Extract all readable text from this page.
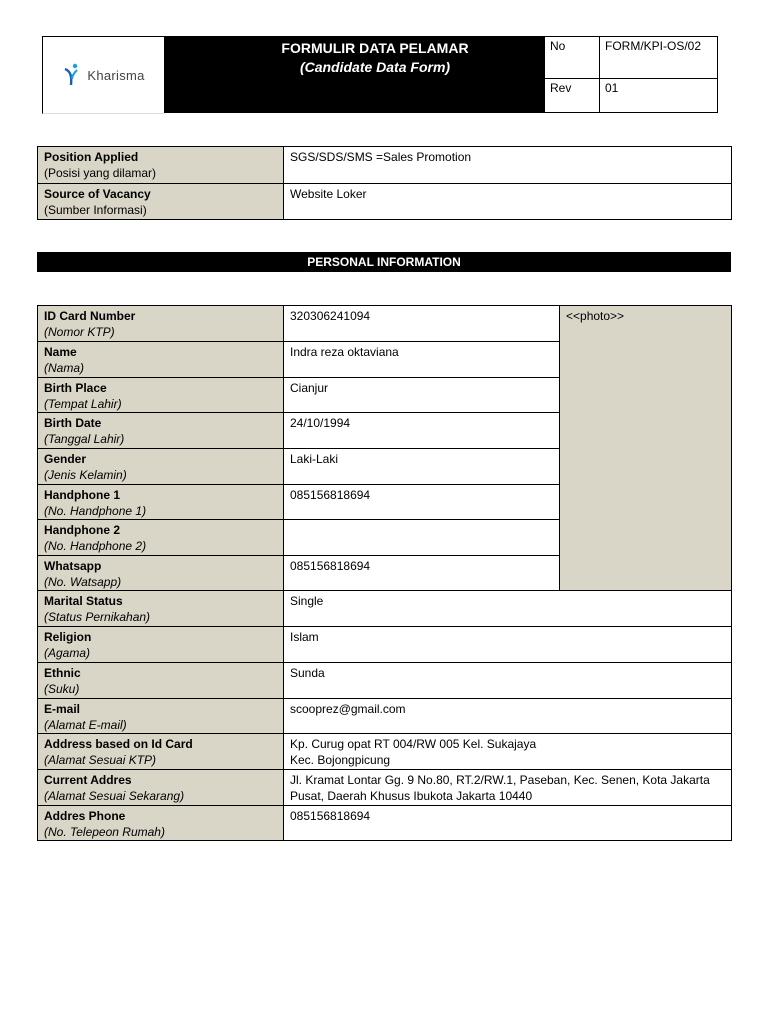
Kharisma
FORMULIR DATA PELAMAR
(Candidate Data Form)
No	FORM/KPI-OS/02
Rev	01
Position Applied
(Posisi yang dilamar)	SGS/SDS/SMS =Sales Promotion

Source of Vacancy
(Sumber Informasi)	Website Loker
PERSONAL INFORMATION
ID Card Number
(Nomor KTP)	320306241094	<<photo>>

Name
(Nama)	Indra reza oktaviana	

Birth Place
(Tempat Lahir)	Cianjur	

Birth Date
(Tanggal Lahir)	24/10/1994	

Gender
(Jenis Kelamin)	Laki-Laki	

Handphone 1
(No. Handphone 1)	085156818694	

Handphone 2
(No. Handphone 2)		

Whatsapp
(No. Watsapp)	085156818694	

Marital Status
(Status Pernikahan)	Single	

Religion
(Agama)	Islam	

Ethnic
(Suku)	Sunda	

E-mail
(Alamat E-mail)	scooprez@gmail.com	

Address based on Id Card
(Alamat Sesuai KTP)	Kp. Curug opat RT 004/RW 005 Kel. Sukajaya
Kec. Bojongpicung	

Current Addres
(Alamat Sesuai Sekarang)	Jl. Kramat Lontar Gg. 9 No.80, RT.2/RW.1, Paseban, Kec. Senen, Kota Jakarta
Pusat, Daerah Khusus Ibukota Jakarta 10440	

Addres Phone
(No. Telepeon Rumah)	085156818694	
